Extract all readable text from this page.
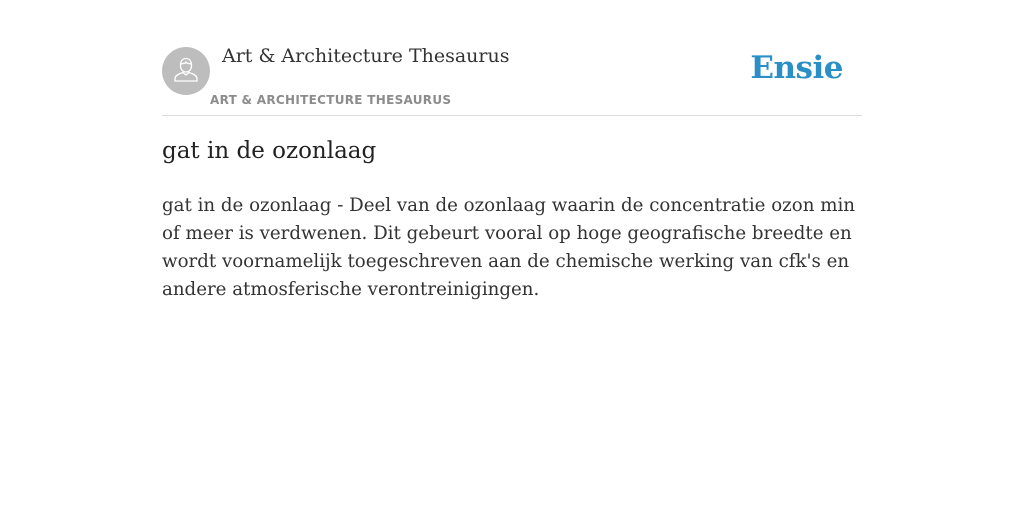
Art & Architecture Thesaurus
ART & ARCHITECTURE THESAURUS
Ensie
gat in de ozonlaag

gat in de ozonlaag - Deel van de ozonlaag waarin de concentratie ozon min of meer is verdwenen. Dit gebeurt vooral op hoge geografische breedte en wordt voornamelijk toegeschreven aan de chemische werking van cfk's en andere atmosferische verontreinigingen.
